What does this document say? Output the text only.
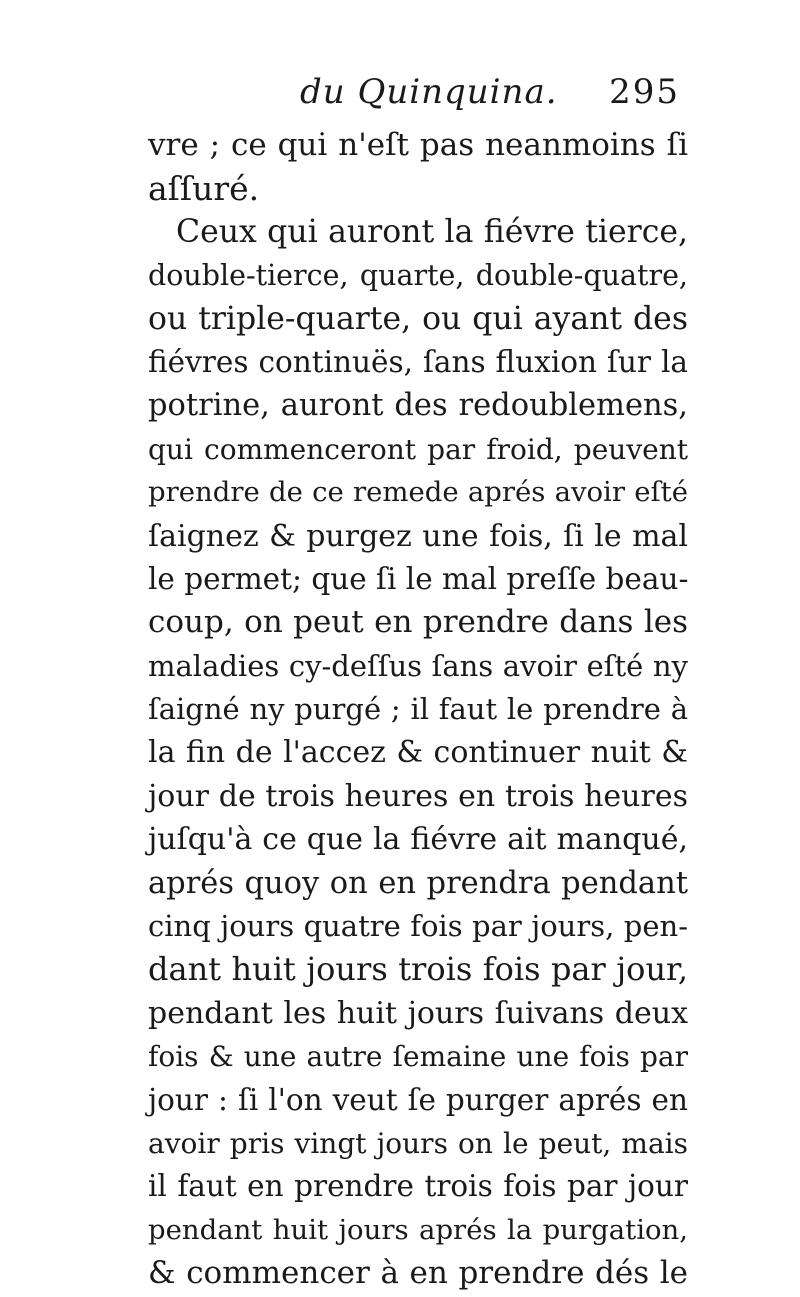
du Quinquina. 295
vre ; ce qui n'eſt pas neanmoins ſi
aſſuré.
Ceux qui auront la fiévre tierce,
double-tierce, quarte, double-quatre,
ou triple-quarte, ou qui ayant des
fiévres continuës, ſans fluxion ſur la
potrine, auront des redoublemens,
qui commenceront par froid, peuvent
prendre de ce remede aprés avoir eſté
ſaignez & purgez une fois, ſi le mal
le permet; que ſi le mal preſſe beau-
coup, on peut en prendre dans les
maladies cy-deſſus ſans avoir eſté ny
ſaigné ny purgé ; il faut le prendre à
la fin de l'accez & continuer nuit &
jour de trois heures en trois heures
juſqu'à ce que la fiévre ait manqué,
aprés quoy on en prendra pendant
cinq jours quatre fois par jours, pen-
dant huit jours trois fois par jour,
pendant les huit jours ſuivans deux
fois & une autre ſemaine une fois par
jour : ſi l'on veut ſe purger aprés en
avoir pris vingt jours on le peut, mais
il faut en prendre trois fois par jour
pendant huit jours aprés la purgation,
& commencer à en prendre dés le
